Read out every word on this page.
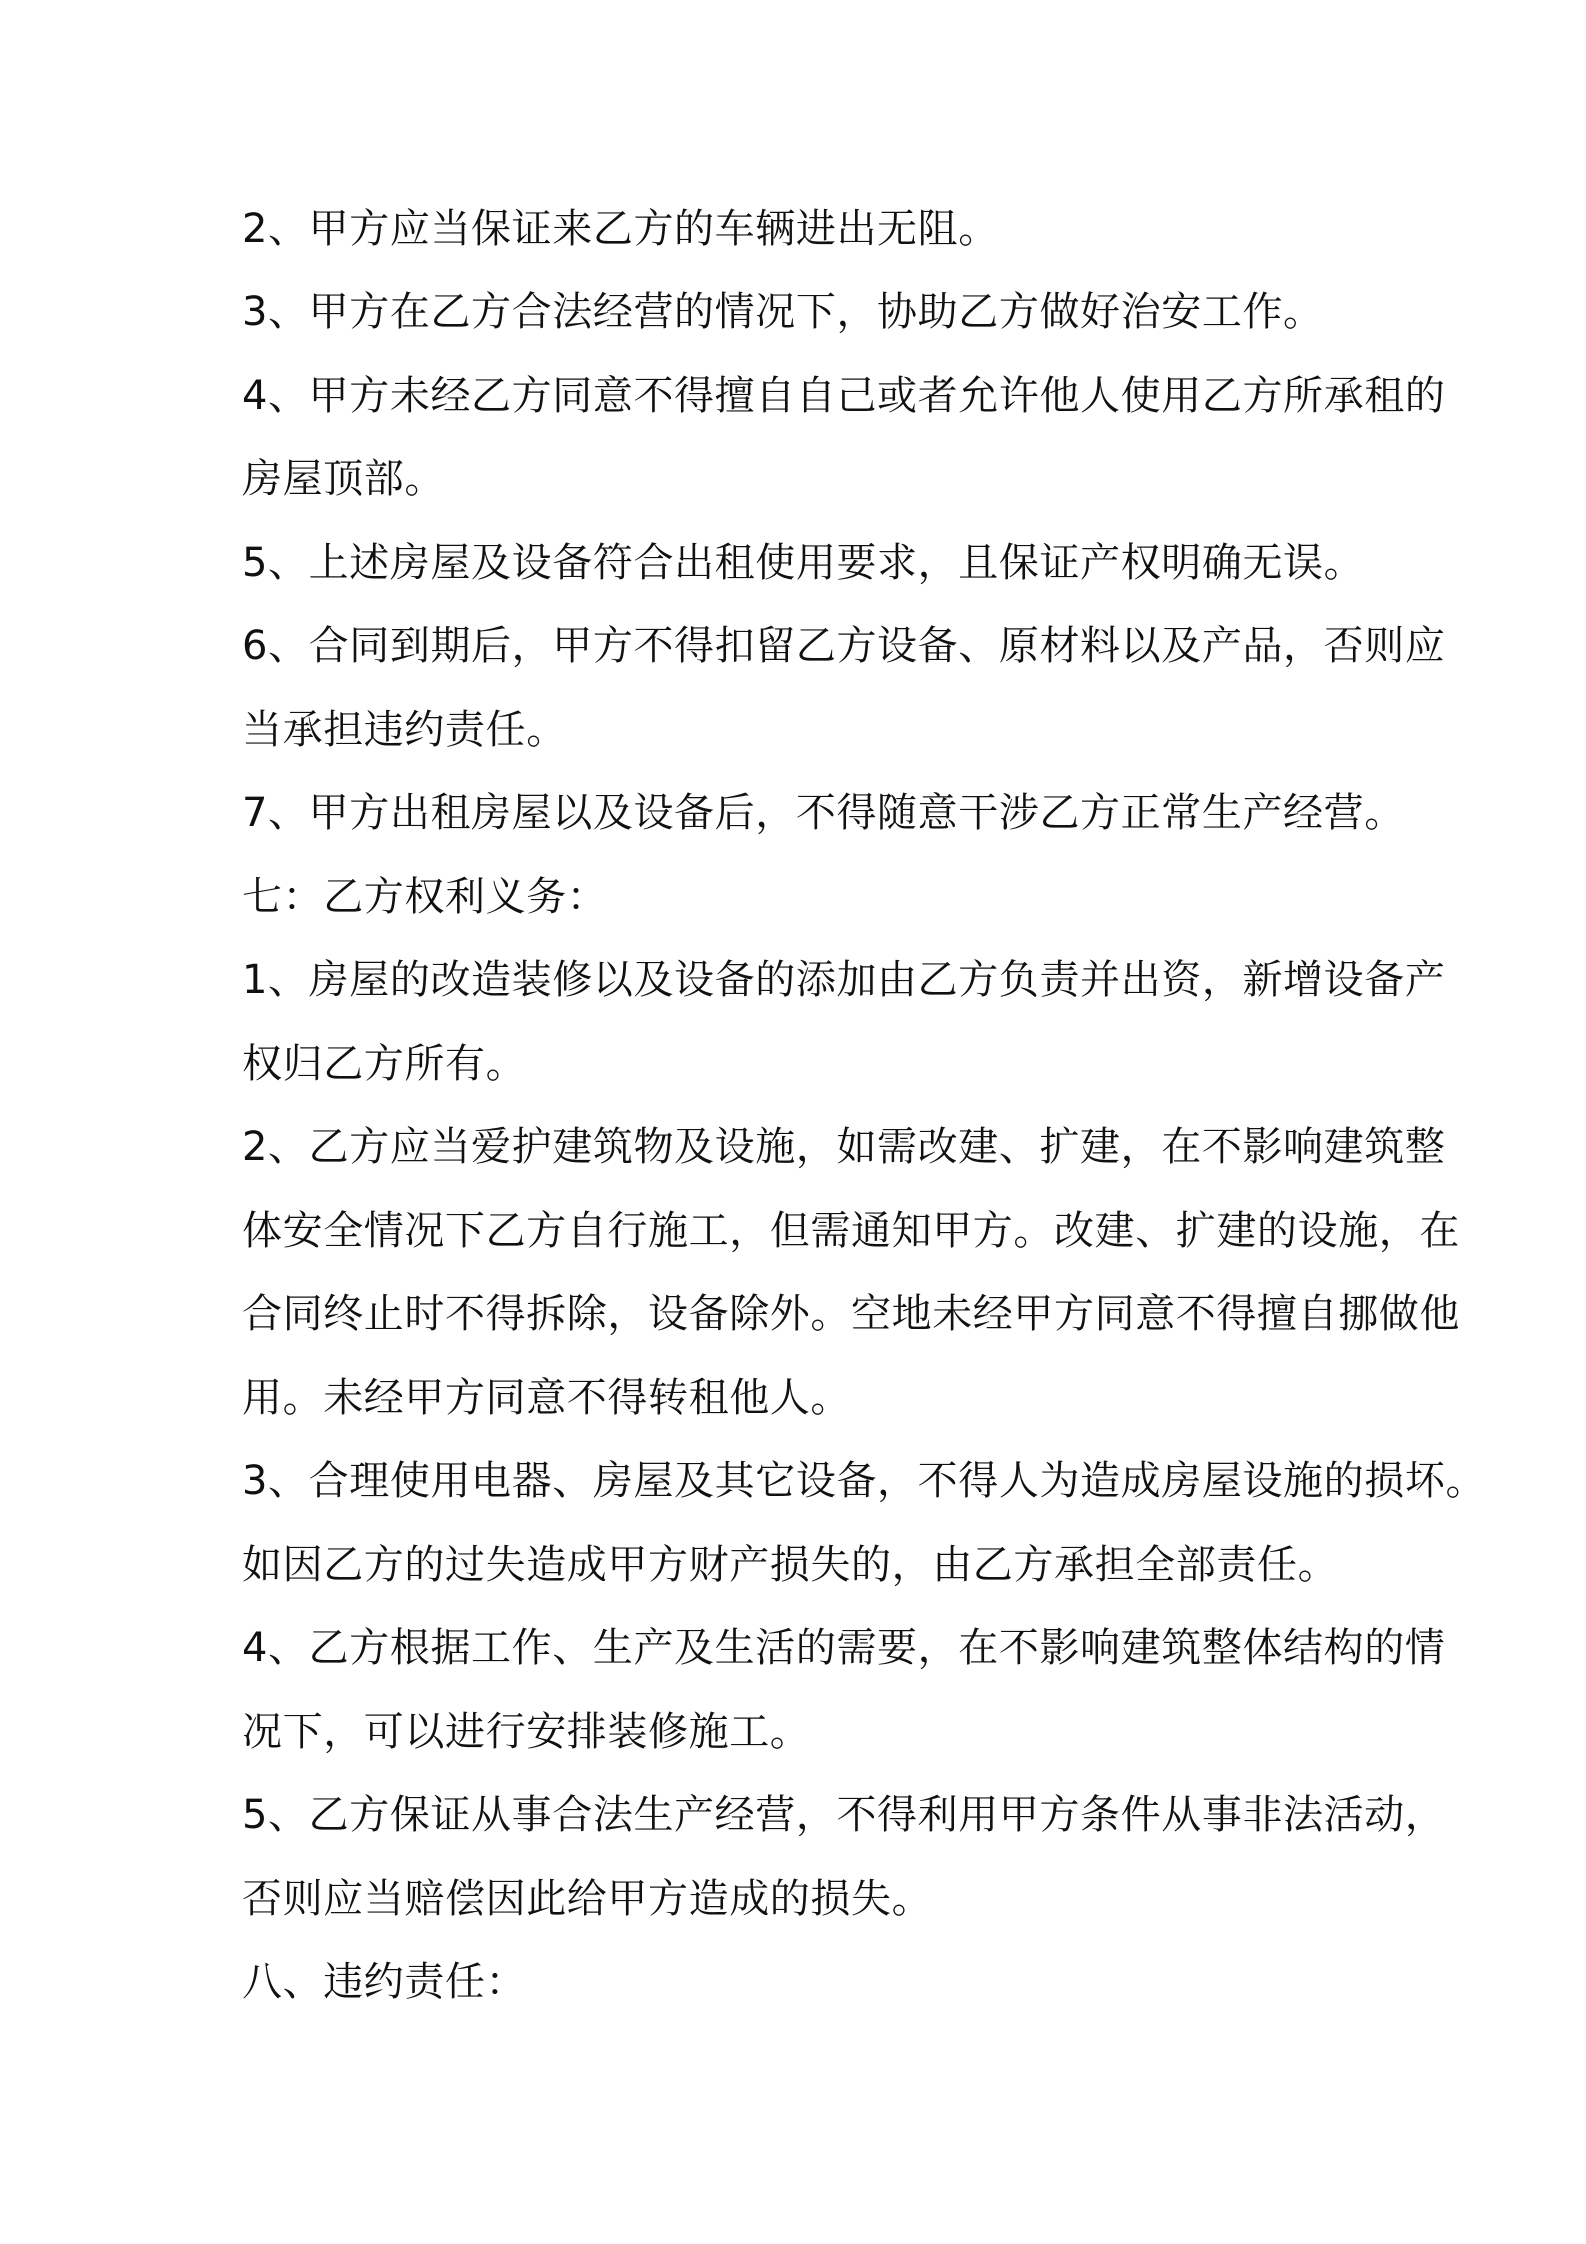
2、甲方应当保证来乙方的车辆进出无阻。
3、甲方在乙方合法经营的情况下，协助乙方做好治安工作。
4、甲方未经乙方同意不得擅自自己或者允许他人使用乙方所承租的
房屋顶部。
5、上述房屋及设备符合出租使用要求，且保证产权明确无误。
6、合同到期后，甲方不得扣留乙方设备、原材料以及产品，否则应
当承担违约责任。
7、甲方出租房屋以及设备后，不得随意干涉乙方正常生产经营。
七：乙方权利义务：
1、房屋的改造装修以及设备的添加由乙方负责并出资，新增设备产
权归乙方所有。
2、乙方应当爱护建筑物及设施，如需改建、扩建，在不影响建筑整
体安全情况下乙方自行施工，但需通知甲方。改建、扩建的设施，在
合同终止时不得拆除，设备除外。空地未经甲方同意不得擅自挪做他
用。未经甲方同意不得转租他人。
3、合理使用电器、房屋及其它设备，不得人为造成房屋设施的损坏。
如因乙方的过失造成甲方财产损失的，由乙方承担全部责任。
4、乙方根据工作、生产及生活的需要，在不影响建筑整体结构的情
况下，可以进行安排装修施工。
5、乙方保证从事合法生产经营，不得利用甲方条件从事非法活动，
否则应当赔偿因此给甲方造成的损失。
八、违约责任：
